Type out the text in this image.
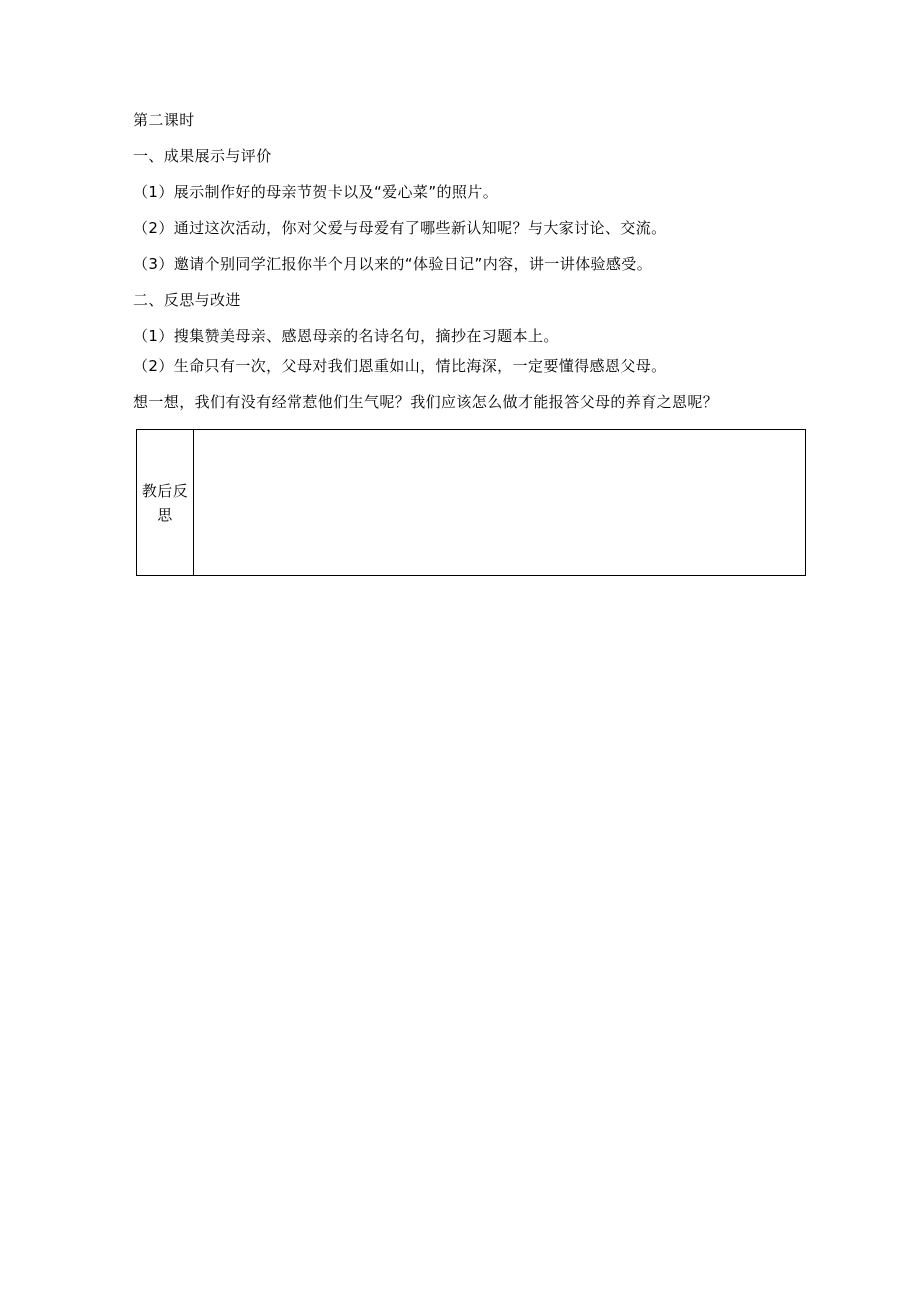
第二课时
一、成果展示与评价
（1）展示制作好的母亲节贺卡以及“爱心菜”的照片。
（2）通过这次活动，你对父爱与母爱有了哪些新认知呢？与大家讨论、交流。
（3）邀请个别同学汇报你半个月以来的“体验日记”内容，讲一讲体验感受。
二、反思与改进
（1）搜集赞美母亲、感恩母亲的名诗名句，摘抄在习题本上。
（2）生命只有一次，父母对我们恩重如山，情比海深，一定要懂得感恩父母。
想一想，我们有没有经常惹他们生气呢？我们应该怎么做才能报答父母的养育之恩呢？
教后反思
